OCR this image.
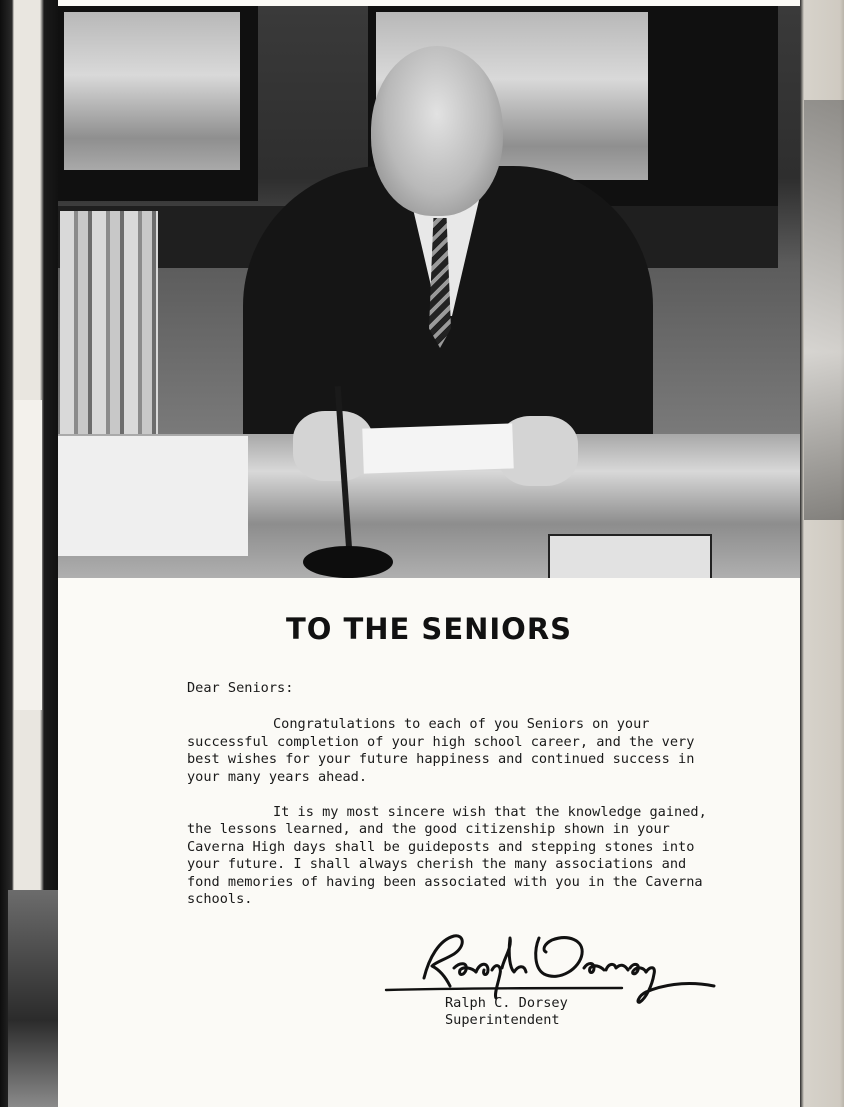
TO THE SENIORS

Dear Seniors:

Congratulations to each of you Seniors on your successful completion of your high school career, and the very best wishes for your future happiness and continued success in your many years ahead.

It is my most sincere wish that the knowledge gained, the lessons learned, and the good citizenship shown in your Caverna High days shall be guideposts and stepping stones into your future. I shall always cherish the many associations and fond memories of having been associated with you in the Caverna schools.

Ralph C. Dorsey
Superintendent
